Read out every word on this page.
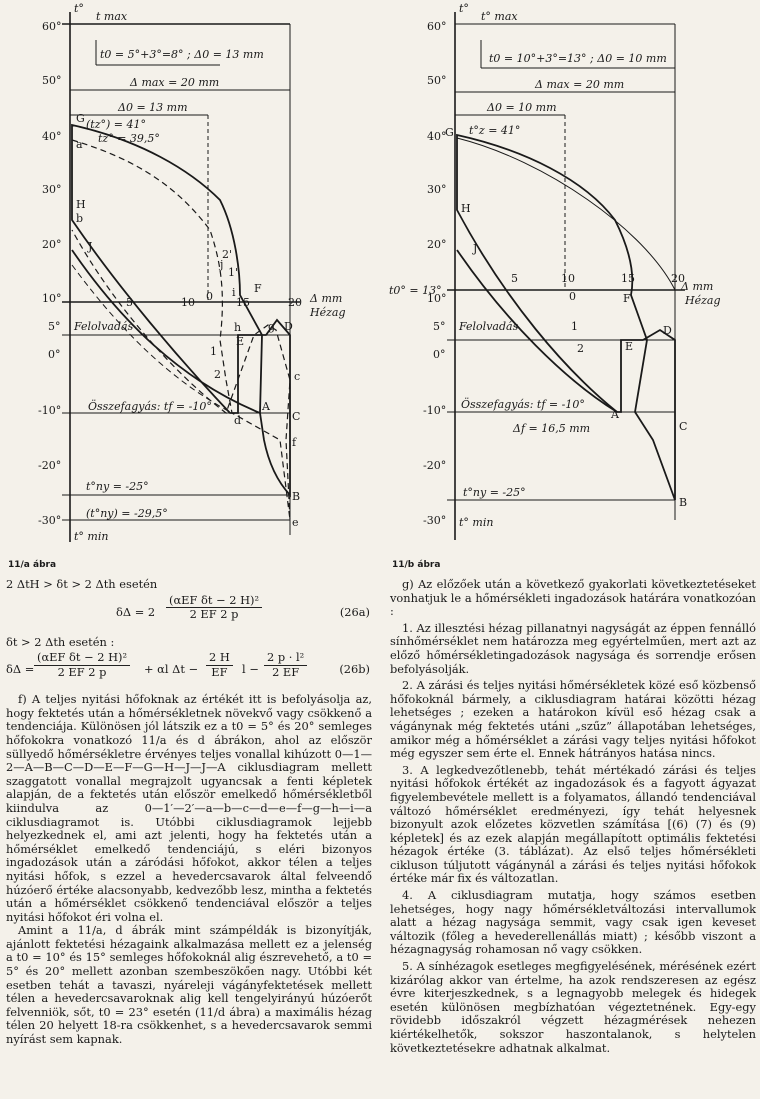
60°
50°
40°
30°
20°
10°
5°
0°
-10°
-20°
-30°
5	10	15	20
t°
t max
t0 = 5°+3°=8° ; Δ0 = 13 mm
Δ max = 20 mm
Δ0 = 13 mm
(tz°) = 41°
tz° = 39,5°
Felolvadás
Összefagyás: tf = -10°
t°ny = -25°
(t°ny) = -29,5°
t° min
Δ mm
Hézag
G
a
H
b
J
A
B
C
D
E
F
g
h
c
d
e
f
0
1
2
1'
2'
i
j
11/a ábra
60°
50°
40°
30°
20°
10°
5°
0°
-10°
-20°
-30°
5	10	15	20
t°
t° max
t0 = 10°+3°=13° ; Δ0 = 10 mm
Δ max = 20 mm
Δ0 = 10 mm
t°z = 41°
t0° = 13°
Felolvadás
Összefagyás: tf = -10°
Δf = 16,5 mm
t°ny = -25°
t° min
Δ mm
Hézag
G
H
J
A
B
C
D
E
F
0
1
2
11/b ábra

2 ΔtH > δt > 2 Δth esetén

δΔ = 2
(αEF δt − 2 H)²
2 EF 2 p	(26a)

δt > 2 Δth esetén :

δΔ =
(αEF δt − 2 H)²
2 EF 2 p	+ αl $\Delta t - \frac{2 H}{EF}$ $l - \frac{\text{2 p · l²}}{2 EF}$	(26b)

f) A teljes nyitási hőfoknak az értékét itt is befolyásolja az, hogy fektetés után a hőmérsékletnek növekvő vagy csökkenő a tendenciája. Különösen jól látszik ez a t0 = 5° és 20° semleges hőfokokra vonatkozó 11/a és d ábrákon, ahol az először süllyedő hőmérsékletre érvényes teljes vonallal kihúzott 0—1—2—A—B—C—D—E—F—G—H—J—J—A ciklusdiagram mellett szaggatott vonallal megrajzolt ugyancsak a fenti képletek alapján, de a fektetés után először emelkedő hőmérsékletből kiindulva az 0—1′—2′—a—b—c—d—e—f—g—h—i—a ciklusdiagramot is. Utóbbi ciklusdiagramok lejjebb helyezkednek el, ami azt jelenti, hogy ha fektetés után a hőmérséklet emelkedő tendenciájú, s eléri bizonyos ingadozások után a záródási hőfokot, akkor télen a teljes nyitási hőfok, s ezzel a hevedercsavarok által felveendő húzóerő értéke alacsonyabb, kedvezőbb lesz, mintha a fektetés után a hőmérséklet csökkenő tendenciával először a teljes nyitási hőfokot éri volna el.

Amint a 11/a, d ábrák mint számpéldák is bizonyítják, ajánlott fektetési hézagaink alkalmazása mellett ez a jelenség a t0 = 10° és 15° semleges hőfokoknál alig észrevehető, a t0 = 5° és 20° mellett azonban szembeszökően nagy. Utóbbi két esetben tehát a tavaszi, nyáreleji vágányfektetések mellett télen a hevedercsavaroknak alig kell tengelyirányú húzóerőt felvenniök, sőt, t0 = 23° esetén (11/d ábra) a maximális hézag télen 20 helyett 18-ra csökkenhet, s a hevedercsavarok semmi nyírást sem kapnak.

g) Az előzőek után a következő gyakorlati következtetéseket vonhatjuk le a hőmérsékleti ingadozások határára vonatkozóan :

1. Az illesztési hézag pillanatnyi nagyságát az éppen fennálló sínhőmérséklet nem határozza meg egyértelműen, mert azt az előző hőmérsékletingadozások nagysága és sorrendje erősen befolyásolják.
2. A zárási és teljes nyitási hőmérsékletek közé eső közbenső hőfokoknál bármely, a ciklusdiagram határai közötti hézag lehetséges ; ezeken a határokon kívül eső hézag csak a vágánynak még fektetés utáni „szűz” állapotában lehetséges, amikor még a hőmérséklet a zárási vagy teljes nyitási hőfokot még egyszer sem érte el. Ennek hátrányos hatása nincs.
3. A legkedvezőtlenebb, tehát mértékadó zárási és teljes nyitási hőfokok értékét az ingadozások és a fagyott ágyazat figyelembevétele mellett is a folyamatos, állandó tendenciával változó hőmérséklet eredményezi, így tehát helyesnek bizonyult azok előzetes közvetlen számítása [(6) (7) és (9) képletek] és az ezek alapján megállapított optimális fektetési hézagok értéke (3. táblázat). Az első teljes hőmérsékleti cikluson túljutott vágánynál a zárási és teljes nyitási hőfokok értéke már fix és változatlan.
4. A ciklusdiagram mutatja, hogy számos esetben lehetséges, hogy nagy hőmérsékletváltozási intervallumok alatt a hézag nagysága semmit, vagy csak igen keveset változik (főleg a hevederellenállás miatt) ; később viszont a hézagnagyság rohamosan nő vagy csökken.
5. A sínhézagok esetleges megfigyelésének, mérésének ezért kizárólag akkor van értelme, ha azok rendszeresen az egész évre kiterjeszkednek, s a legnagyobb melegek és hidegek esetén különösen megbízhatóan végeztetnének. Egy-egy rövidebb időszakról végzett hézagmérések nehezen kiértékelhetők, sokszor haszontalanok, s helytelen következtetésekre adhatnak alkalmat.
